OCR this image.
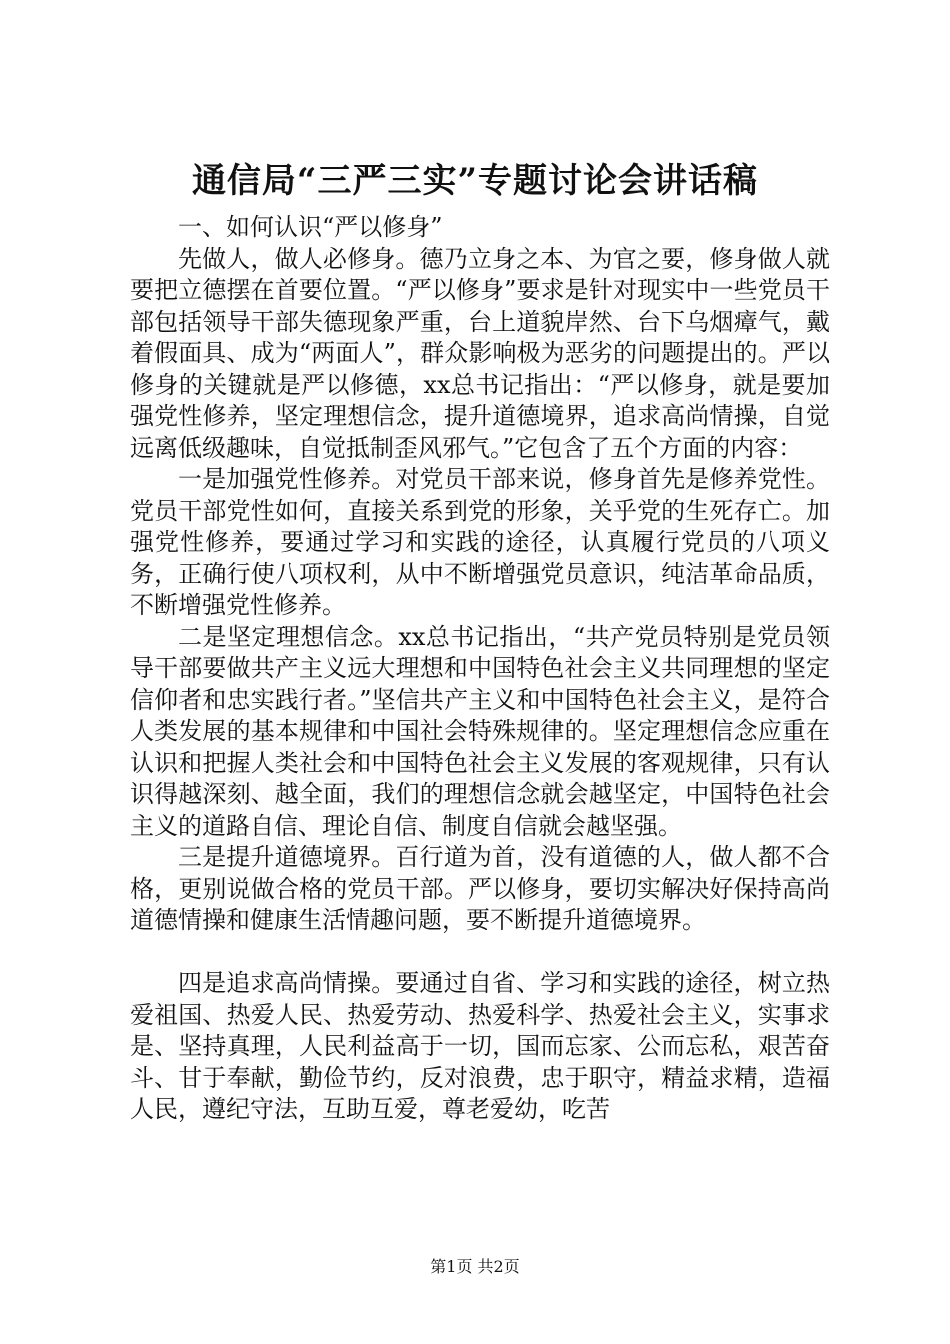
通信局“三严三实”专题讨论会讲话稿

一、如何认识“严以修身”

先做人，做人必修身。德乃立身之本、为官之要，修身做人就要把立德摆在首要位置。“严以修身”要求是针对现实中一些党员干部包括领导干部失德现象严重，台上道貌岸然、台下乌烟瘴气，戴着假面具、成为“两面人”，群众影响极为恶劣的问题提出的。严以修身的关键就是严以修德，xx总书记指出：“严以修身，就是要加强党性修养，坚定理想信念，提升道德境界，追求高尚情操，自觉远离低级趣味，自觉抵制歪风邪气。”它包含了五个方面的内容：

一是加强党性修养。对党员干部来说，修身首先是修养党性。党员干部党性如何，直接关系到党的形象，关乎党的生死存亡。加强党性修养，要通过学习和实践的途径，认真履行党员的八项义务，正确行使八项权利，从中不断增强党员意识，纯洁革命品质，不断增强党性修养。

二是坚定理想信念。xx总书记指出，“共产党员特别是党员领导干部要做共产主义远大理想和中国特色社会主义共同理想的坚定信仰者和忠实践行者。”坚信共产主义和中国特色社会主义，是符合人类发展的基本规律和中国社会特殊规律的。坚定理想信念应重在认识和把握人类社会和中国特色社会主义发展的客观规律，只有认识得越深刻、越全面，我们的理想信念就会越坚定，中国特色社会主义的道路自信、理论自信、制度自信就会越坚强。

三是提升道德境界。百行道为首，没有道德的人，做人都不合格，更别说做合格的党员干部。严以修身，要切实解决好保持高尚道德情操和健康生活情趣问题，要不断提升道德境界。

四是追求高尚情操。要通过自省、学习和实践的途径，树立热爱祖国、热爱人民、热爱劳动、热爱科学、热爱社会主义，实事求是、坚持真理，人民利益高于一切，国而忘家、公而忘私，艰苦奋斗、甘于奉献，勤俭节约，反对浪费，忠于职守，精益求精，造福人民，遵纪守法，互助互爱，尊老爱幼，吃苦

第1页 共2页
